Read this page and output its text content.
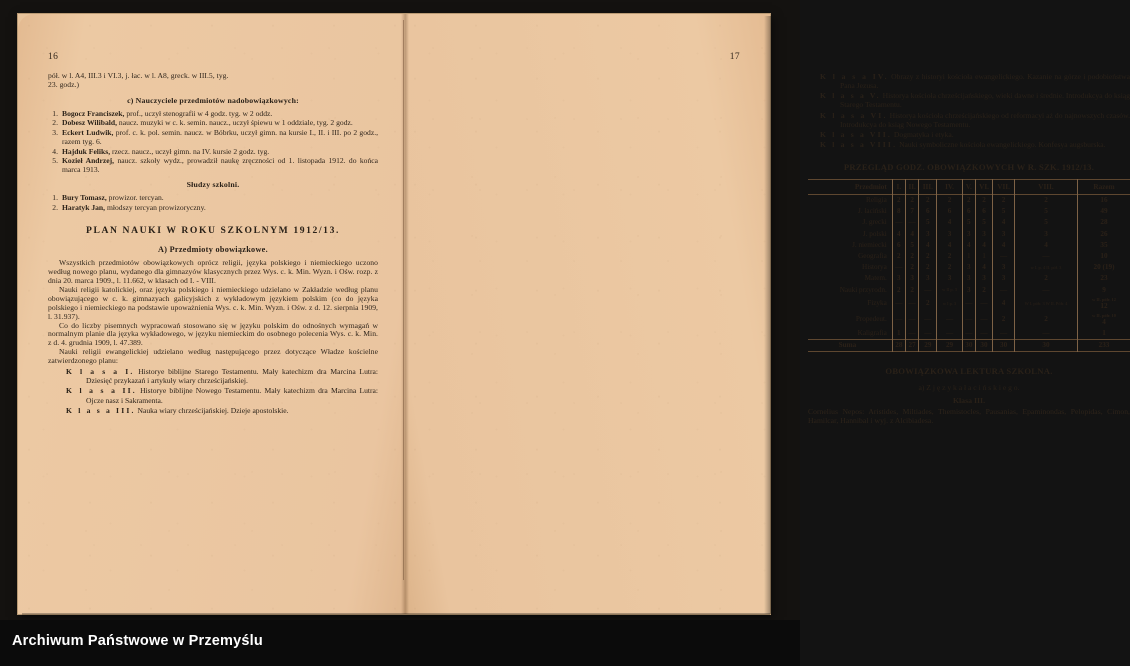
16
pół. w l. A4, III.3 i VI.3, j. łac. w l. A8, greck. w III.5, tyg.
23. godz.)
c) Nauczyciele przedmiotów nadobowiązkowych:
1. Bogocz Franciszek, prof., uczył stenografii w 4 godz. tyg. w 2 oddz.
2. Dobesz Wilibald, naucz. muzyki w c. k. semin. naucz., uczył śpiewu w 1 oddziale, tyg. 2 godz.
3. Eckert Ludwik, prof. c. k. pol. semin. naucz. w Bóbrku, uczył gimn. na kursie I., II. i III. po 2 godz., razem tyg. 6.
4. Hajduk Feliks, rzecz. naucz., uczył gimn. na IV. kursie 2 godz. tyg.
5. Kozieł Andrzej, naucz. szkoły wydz., prowadził naukę zręczności od 1. listopada 1912. do końca marca 1913.
Słudzy szkolni.
1. Bury Tomasz, prowizor. tercyan.
2. Haratyk Jan, młodszy tercyan prowizoryczny.
PLAN NAUKI W ROKU SZKOLNYM 1912/13.
A) Przedmioty obowiązkowe.

Wszystkich przedmiotów obowiązkowych oprócz religii, języka polskiego i niemieckiego uczono według nowego planu, wydanego dla gimnazyów klasycznych przez Wys. c. k. Min. Wyzn. i Ośw. rozp. z dnia 20. marca 1909., l. 11.662, w klasach od I. - VIII.

Nauki religii katolickiej, oraz języka polskiego i niemieckiego udzielano w Zakładzie według planu obowiązującego w c. k. gimnazyach galicyjskich z wykładowym językiem polskim (co do języka polskiego i niemieckiego na podstawie upoważnienia Wys. c. k. Min. Wyzn. i Ośw. z d. 12. sierpnia 1909, l. 31.937).

Co do liczby pisemnych wypracowań stosowano się w języku polskim do odnośnych wymagań w normalnym planie dla języka wykładowego, w języku niemieckim do osobnego polecenia Wys. c. k. Min. z d. 4. grudnia 1909, l. 47.389.

Nauki religii ewangelickiej udzielano według następującego przez dotyczące Władze kościelne zatwierdzonego planu:

K l a s a I. Historye biblijne Starego Testamentu. Mały katechizm dra Marcina Lutra: Dziesięć przykazań i artykuły wiary chrześcijańskiej.
K l a s a II. Historye biblijne Nowego Testamentu. Mały katechizm dra Marcina Lutra: Ojcze nasz i Sakramenta.
K l a s a III. Nauka wiary chrześcijańskiej. Dzieje apostolskie.
17
K l a s a IV. Obrazy z historyi kościoła ewangelickiego. Kazanie na górze i podobieństwa Pana Jezusa.
K l a s a V. Historya kościoła chrześcijańskiego, wieki dawne i średnie. Introdukcya do ksiąg Starego Testamentu.
K l a s a VI. Historya kościoła chrześcijańskiego od reformacyi aż do najnowszych czasów. Introdukcya do ksiąg Nowego Testamentu.
K l a s a VII. Dogmatyka i etyka.
K l a s a VIII. Nauki symboliczne kościoła ewangelickiego. Konfesya augsburska.
PRZEGLĄD GODZ. OBOWIĄZKOWYCH W R. SZK. 1912/13.
Przedmiot	I.	II.	III.	IV.	V.	VI.	VII.	VIII.	Razem
Religia	2	2	2	2	2	2	2	2	16
J. łaciński	8	7	6	6	6	6	5	5	49
J. grecki	—	—	5	4	5	5	4	5	28
J. polski	4	4	3	3	3	3	3	3	26
J. niemiecki	6	5	4	4	4	4	4	4	35
Geografia	2	2	2	2	1	1	—	—	10
Historya	—	2	2	2	3	4	3	w I. p. 4 II. pół. 3	20 (19)
Matem.	3	3	3	3	3	3	3	2	23
Nauki przyrodn.	2	2	—	w II p. 3	3	2	—	—	9
Fizyka	—	—	2	w I p. 3	—	—	4	W I. półr. 3 W II. Półr. 4	w II. półr. 12
12
Propedeut.	—	—	—	—	—	—	2	2	w II. półr. 10
4
Kaligrafia	1	—	—	—	—	—	—	—	1
Suma	28	27	29	29	30	30	30	30	233
OBOWIĄZKOWA LEKTURA SZKOLNA.
a) Z j ę z y k a ł a c i ń s k i e g o.
Klasa III.

Cornelius Nepos: Aristides, Miltiades, Themistocles, Pausanias, Epaminondas, Pelopidas, Cimon, Hamilcar, Hannibal i wyj. z Alcibiadesa.

Archiwum Państwowe w Przemyślu
